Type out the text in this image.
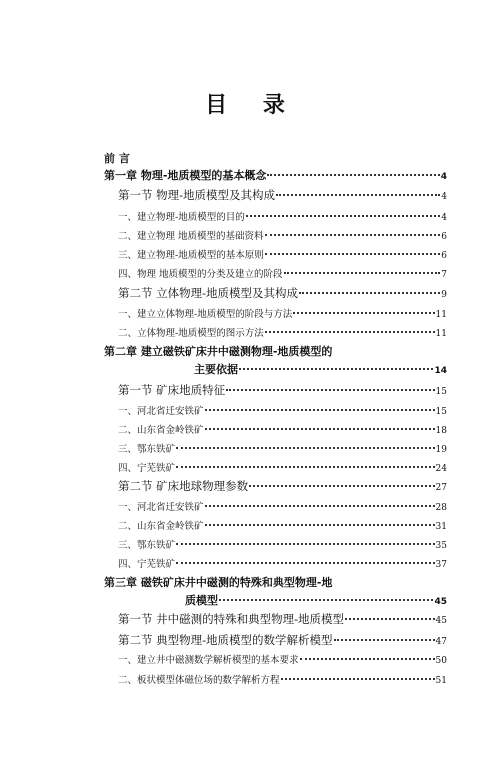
目 录
前 言
第一章 物理-地质模型的基本概念	4
第一节 物理-地质模型及其构成	4
一、建立物理-地质模型的目的	4
二、建立物理 地质模型的基础资料	6
三、建立物理-地质模型的基本原则	6
四、物理 地质模型的分类及建立的阶段	7
第二节 立体物理-地质模型及其构成	9
一、建立立体物理-地质模型的阶段与方法	11
二、立体物理-地质模型的图示方法	11
第二章 建立磁铁矿床井中磁测物理-地质模型的
主要依据	14
第一节 矿床地质特征	15
一、河北省迁安铁矿	15
二、山东省金岭铁矿	18
三、鄂东铁矿	19
四、宁芜铁矿	24
第二节 矿床地球物理参数	27
一、河北省迁安铁矿	28
二、山东省金岭铁矿	31
三、鄂东铁矿	35
四、宁芜铁矿	37
第三章 磁铁矿床井中磁测的特殊和典型物理-地
质模型	45
第一节 井中磁测的特殊和典型物理-地质模型	45
第二节 典型物理-地质模型的数学解析模型	47
一、建立井中磁测数学解析模型的基本要求	50
二、板状模型体磁位场的数学解析方程	51
